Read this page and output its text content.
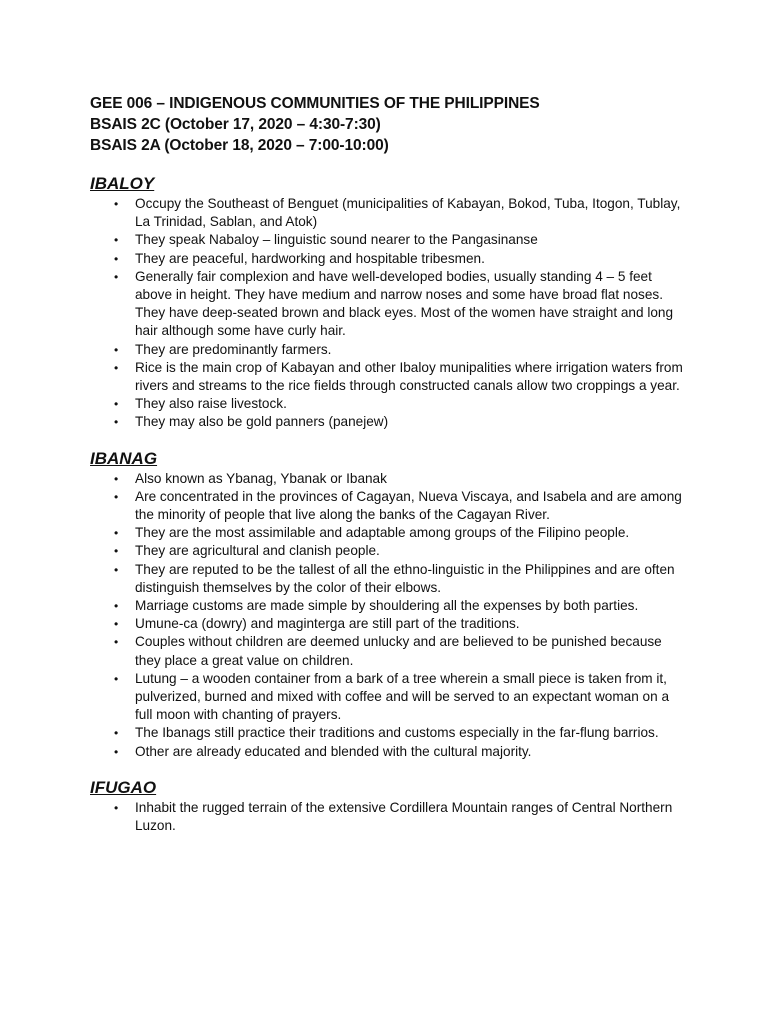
GEE 006 – INDIGENOUS COMMUNITIES OF THE PHILIPPINES

BSAIS 2C (October 17, 2020 – 4:30-7:30)

BSAIS 2A (October 18, 2020 – 7:00-10:00)

IBALOY
• Occupy the Southeast of Benguet (municipalities of Kabayan, Bokod, Tuba, Itogon, Tublay, La Trinidad, Sablan, and Atok)
• They speak Nabaloy – linguistic sound nearer to the Pangasinanse
• They are peaceful, hardworking and hospitable tribesmen.
• Generally fair complexion and have well-developed bodies, usually standing 4 – 5 feet above in height. They have medium and narrow noses and some have broad flat noses. They have deep-seated brown and black eyes. Most of the women have straight and long hair although some have curly hair.
• They are predominantly farmers.
• Rice is the main crop of Kabayan and other Ibaloy munipalities where irrigation waters from rivers and streams to the rice fields through constructed canals allow two croppings a year.
• They also raise livestock.
• They may also be gold panners (panejew)
IBANAG
• Also known as Ybanag, Ybanak or Ibanak
• Are concentrated in the provinces of Cagayan, Nueva Viscaya, and Isabela and are among the minority of people that live along the banks of the Cagayan River.
• They are the most assimilable and adaptable among groups of the Filipino people.
• They are agricultural and clanish people.
• They are reputed to be the tallest of all the ethno-linguistic in the Philippines and are often distinguish themselves by the color of their elbows.
• Marriage customs are made simple by shouldering all the expenses by both parties.
• Umune-ca (dowry) and maginterga are still part of the traditions.
• Couples without children are deemed unlucky and are believed to be punished because they place a great value on children.
• Lutung – a wooden container from a bark of a tree wherein a small piece is taken from it, pulverized, burned and mixed with coffee and will be served to an expectant woman on a full moon with chanting of prayers.
• The Ibanags still practice their traditions and customs especially in the far-flung barrios.
• Other are already educated and blended with the cultural majority.
IFUGAO
• Inhabit the rugged terrain of the extensive Cordillera Mountain ranges of Central Northern Luzon.
